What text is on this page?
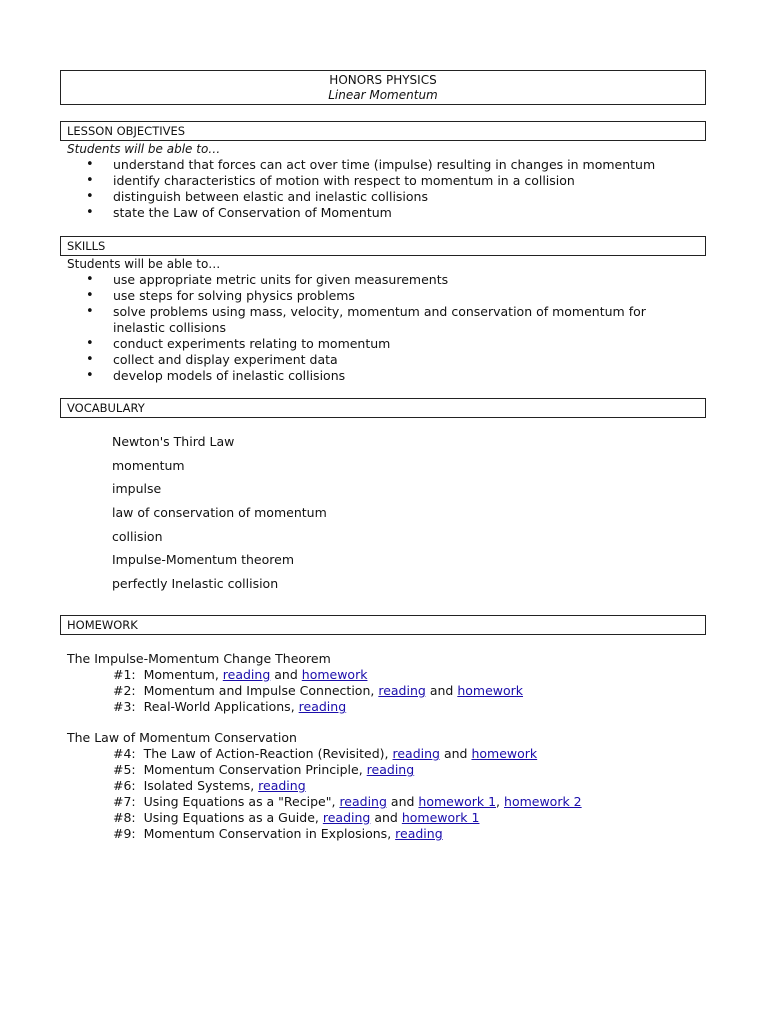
HONORS PHYSICS
Linear Momentum
LESSON OBJECTIVES
Students will be able to…
• understand that forces can act over time (impulse) resulting in changes in momentum
• identify characteristics of motion with respect to momentum in a collision
• distinguish between elastic and inelastic collisions
• state the Law of Conservation of Momentum
SKILLS
Students will be able to…
• use appropriate metric units for given measurements
• use steps for solving physics problems
• solve problems using mass, velocity, momentum and conservation of momentum for inelastic collisions
• conduct experiments relating to momentum
• collect and display experiment data
• develop models of inelastic collisions
VOCABULARY
Newton's Third Law
momentum
impulse
law of conservation of momentum
collision
Impulse-Momentum theorem
perfectly Inelastic collision
HOMEWORK
The Impulse-Momentum Change Theorem
#1: Momentum, reading and homework
#2: Momentum and Impulse Connection, reading and homework
#3: Real-World Applications, reading
The Law of Momentum Conservation
#4: The Law of Action-Reaction (Revisited), reading and homework
#5: Momentum Conservation Principle, reading
#6: Isolated Systems, reading
#7: Using Equations as a "Recipe", reading and homework 1, homework 2
#8: Using Equations as a Guide, reading and homework 1
#9: Momentum Conservation in Explosions, reading
